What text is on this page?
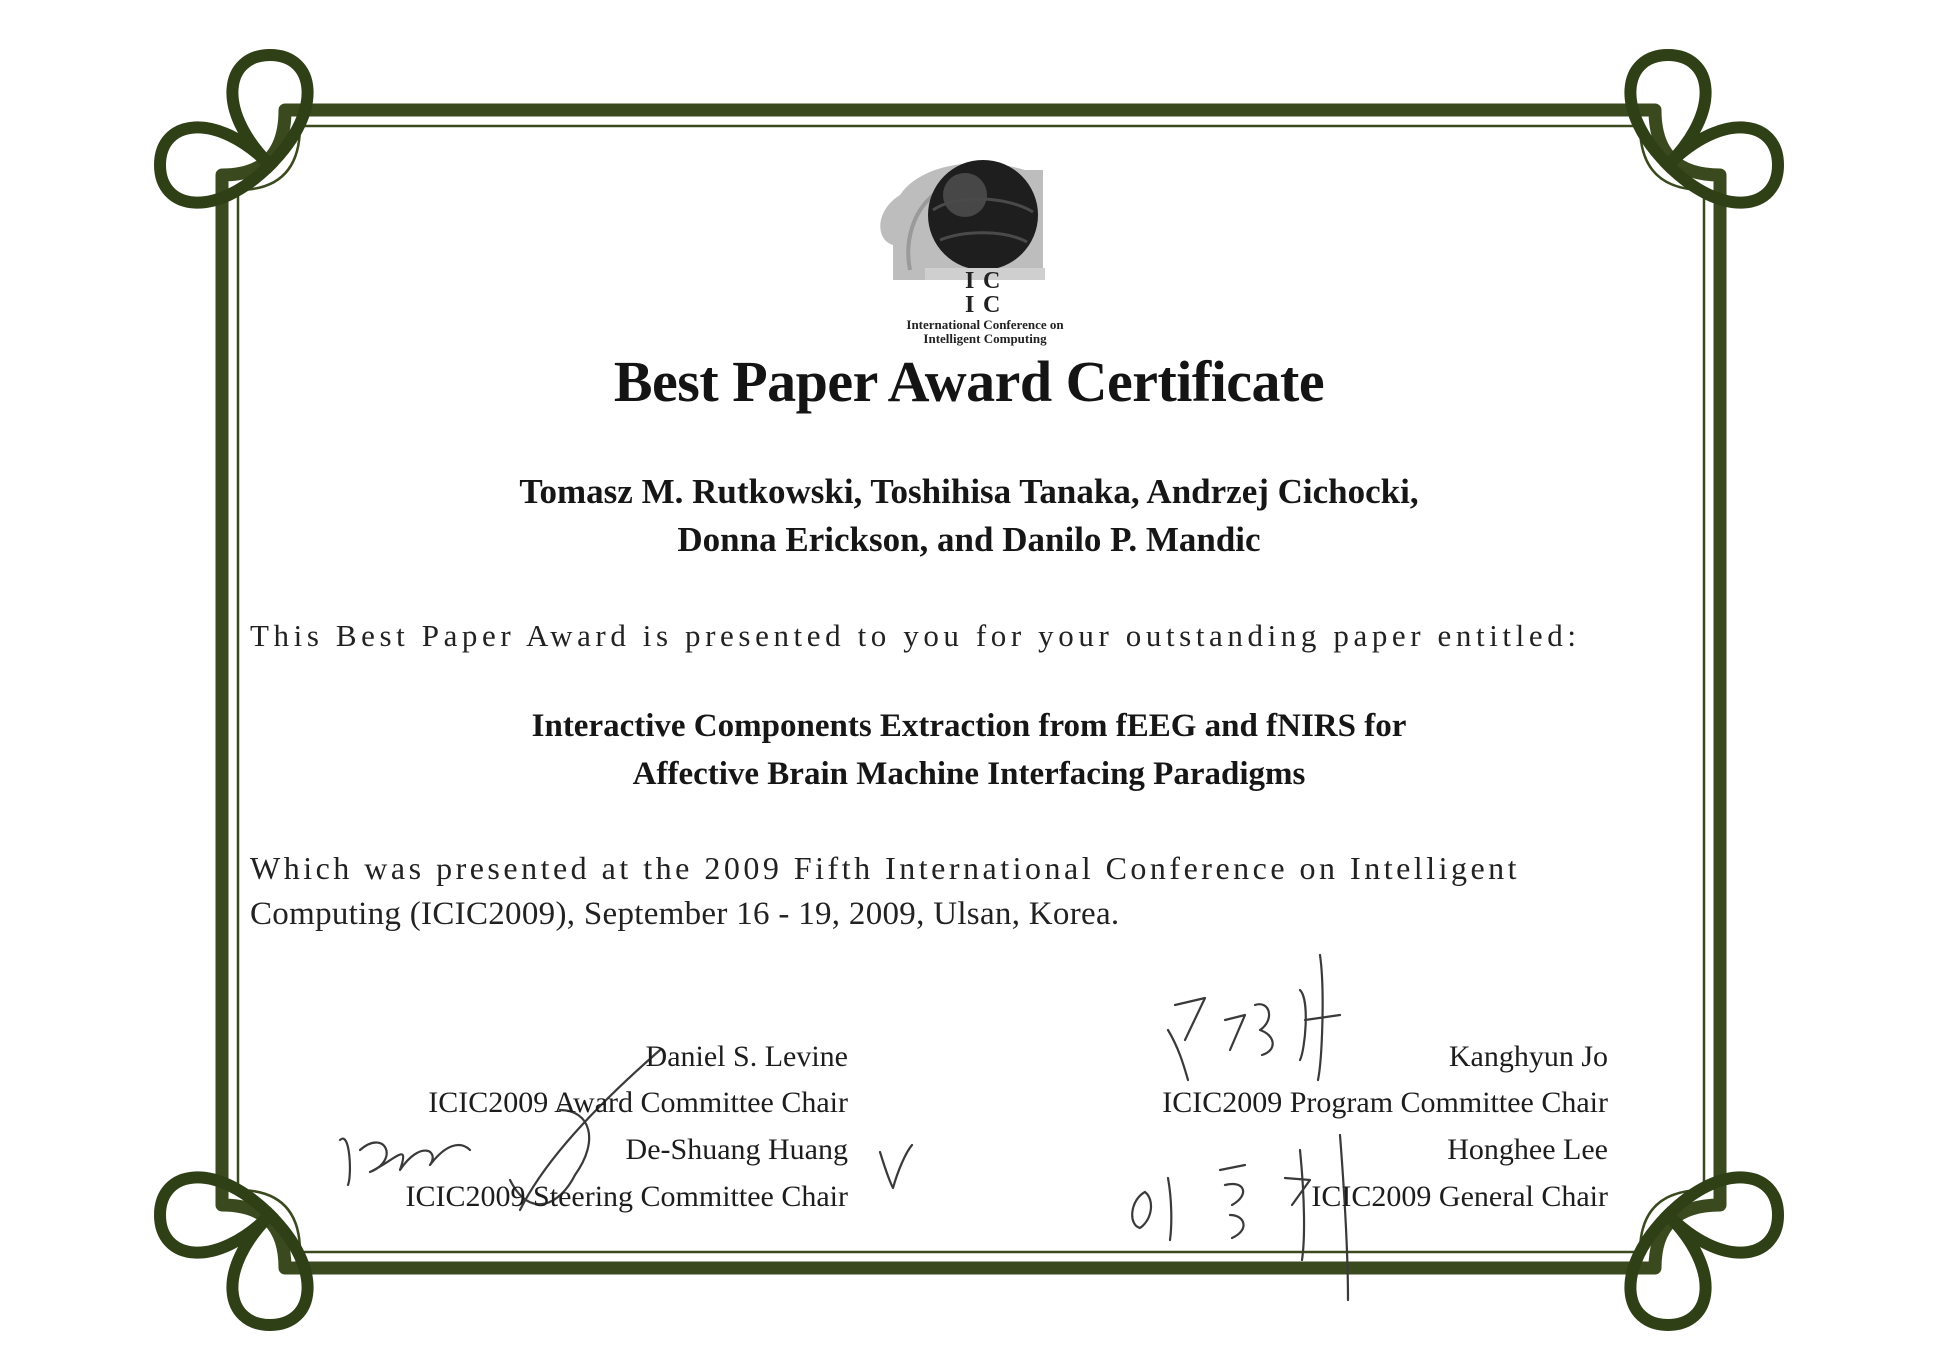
I C
I C
International Conference on
Intelligent Computing
Best Paper Award Certificate
Tomasz M. Rutkowski, Toshihisa Tanaka, Andrzej Cichocki,
Donna Erickson, and Danilo P. Mandic
This Best Paper Award is presented to you for your outstanding paper entitled:
Interactive Components Extraction from fEEG and fNIRS for
Affective Brain Machine Interfacing Paradigms
Which was presented at the 2009 Fifth International Conference on Intelligent
Computing (ICIC2009), September 16 - 19, 2009, Ulsan, Korea.
Daniel S. Levine
ICIC2009 Award Committee Chair
De-Shuang Huang
ICIC2009 Steering Committee Chair
Kanghyun Jo
ICIC2009 Program Committee Chair
Honghee Lee
ICIC2009 General Chair
